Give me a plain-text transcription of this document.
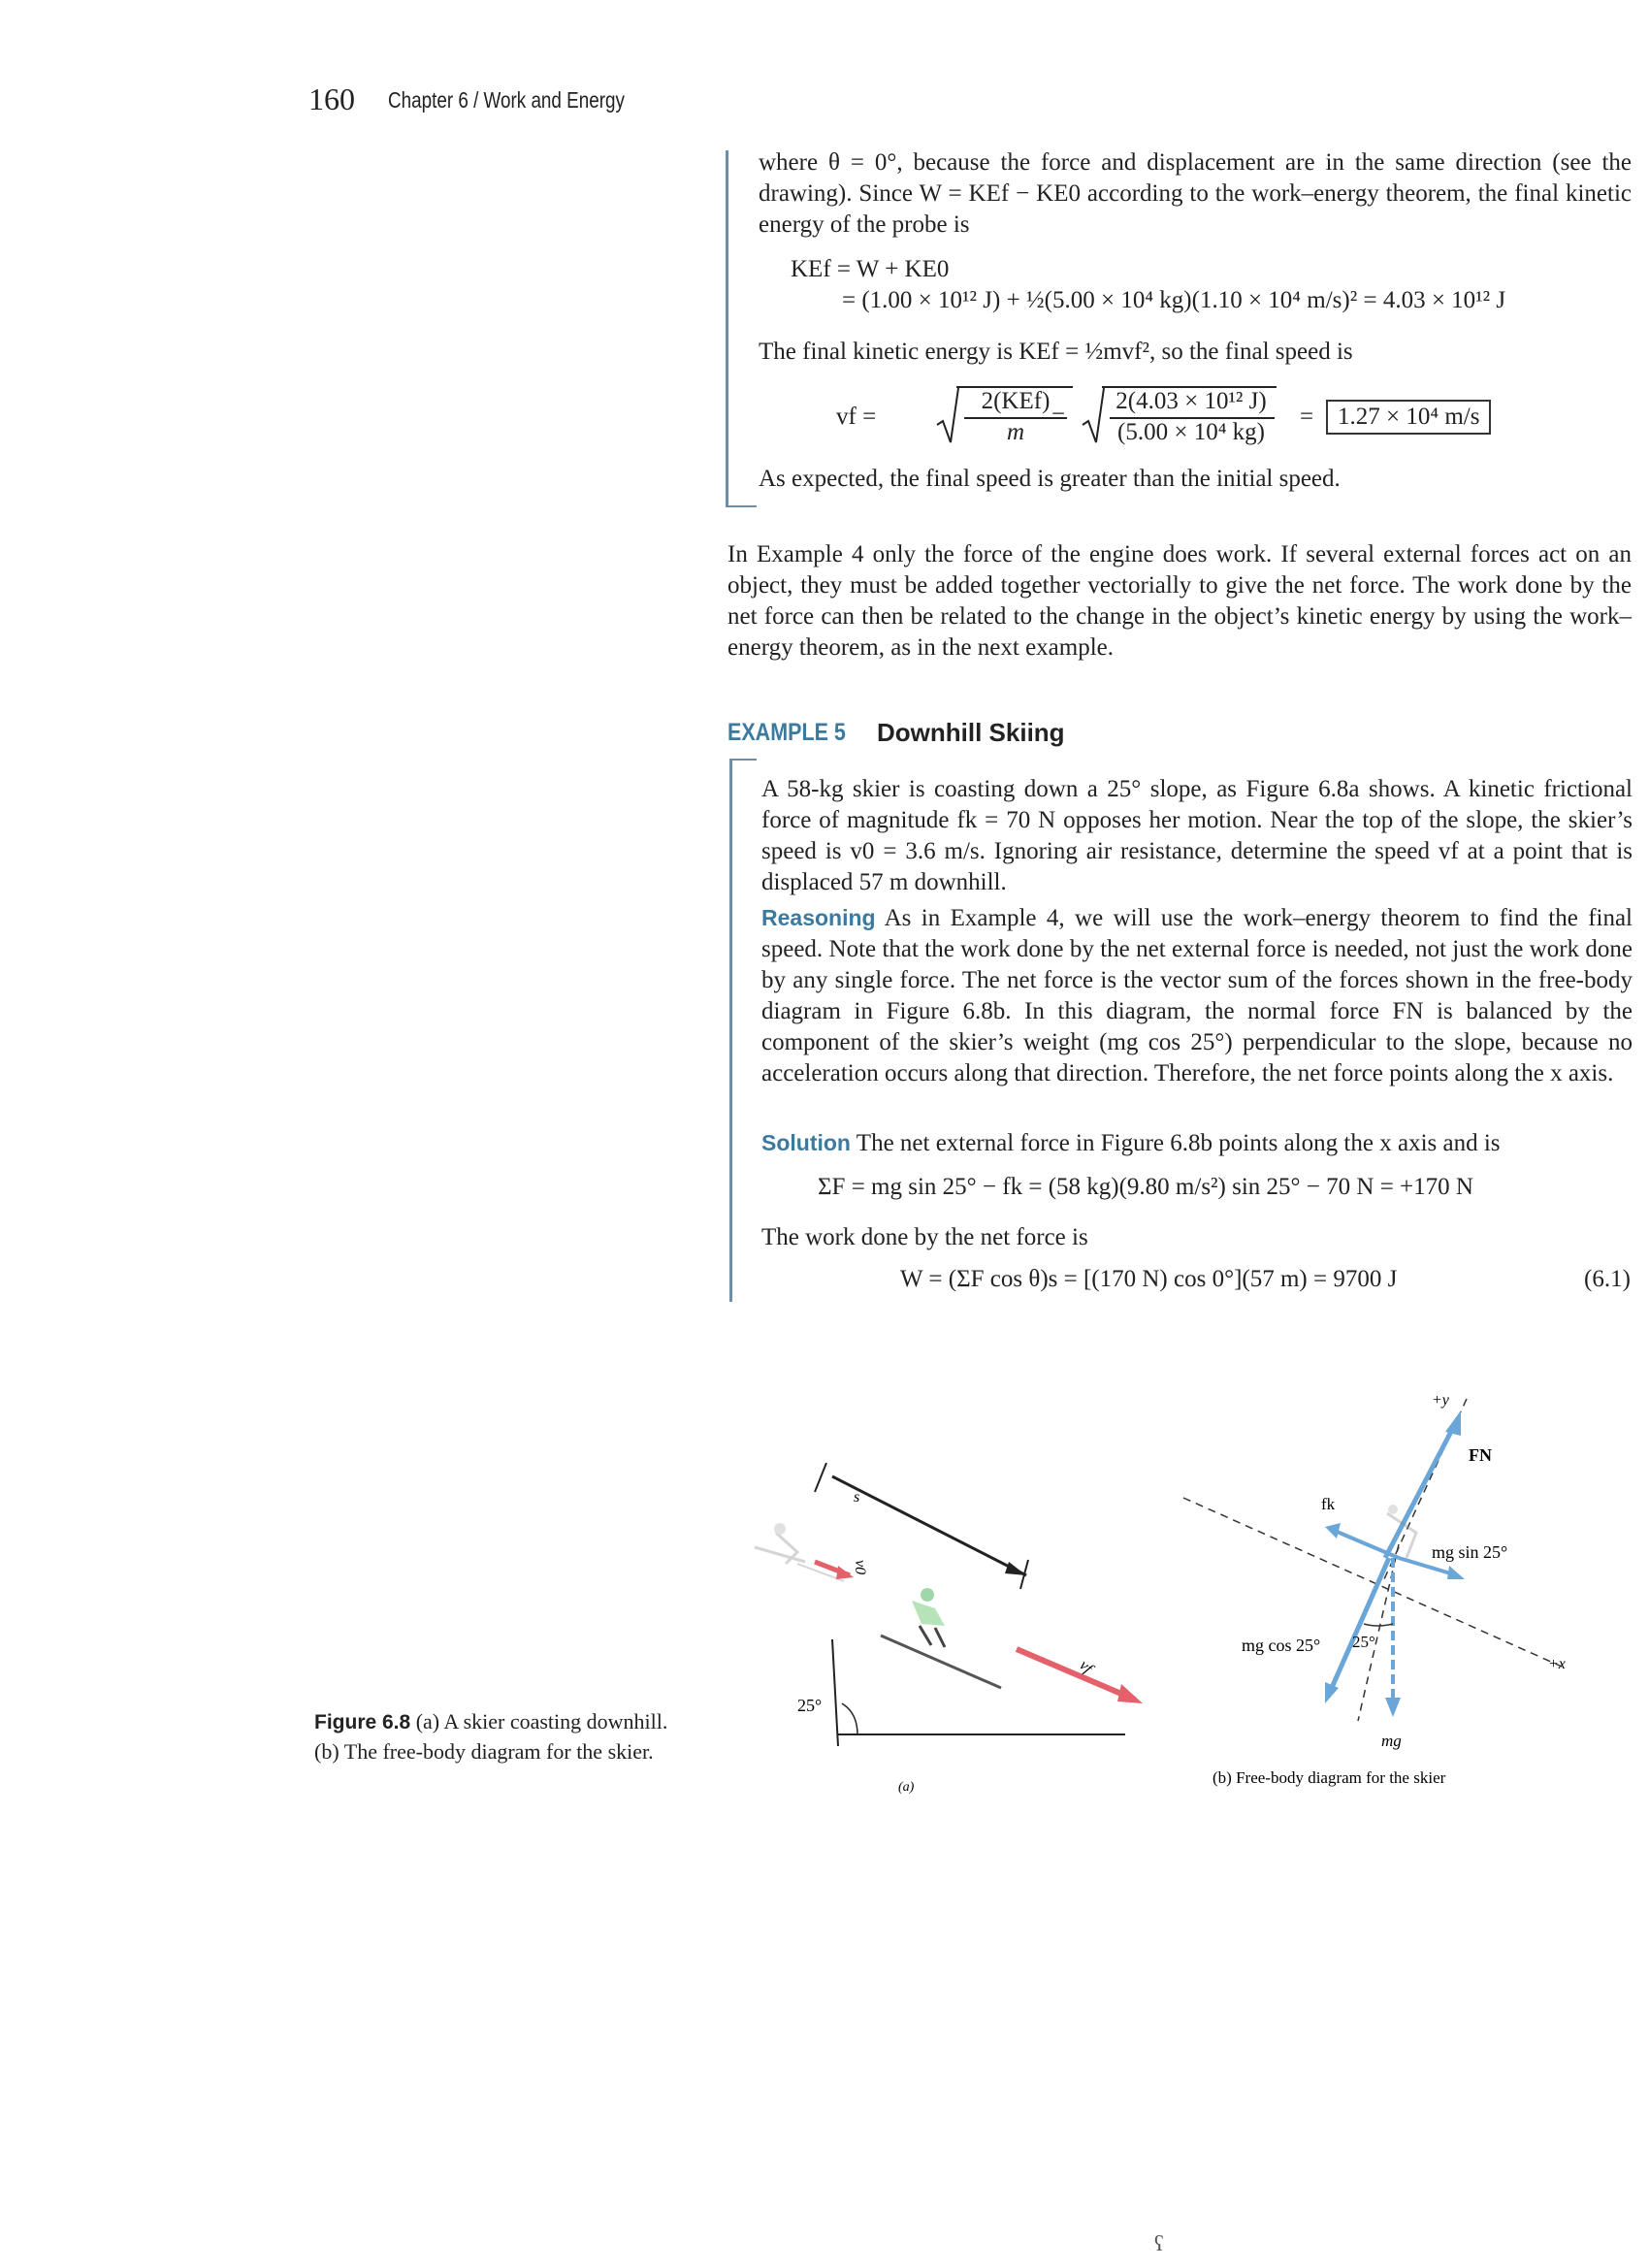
160 Chapter 6 / Work and Energy
where θ = 0°, because the force and displacement are in the same direction (see the drawing). Since W = KEf − KE0 according to the work–energy theorem, the final kinetic energy of the probe is
KEf = W + KE0
= (1.00 × 10¹² J) + ½(5.00 × 10⁴ kg)(1.10 × 10⁴ m/s)² = 4.03 × 10¹² J
The final kinetic energy is KEf = ½mvf², so the final speed is
vf =
2(KEf)
m
=
2(4.03 × 10¹² J)
(5.00 × 10⁴ kg)
= 1.27 × 10⁴ m/s
As expected, the final speed is greater than the initial speed.
In Example 4 only the force of the engine does work. If several external forces act on an object, they must be added together vectorially to give the net force. The work done by the net force can then be related to the change in the object’s kinetic energy by using the work–energy theorem, as in the next example.
EXAMPLE 5 Downhill Skiing
A 58-kg skier is coasting down a 25° slope, as Figure 6.8a shows. A kinetic frictional force of magnitude fk = 70 N opposes her motion. Near the top of the slope, the skier’s speed is v0 = 3.6 m/s. Ignoring air resistance, determine the speed vf at a point that is displaced 57 m downhill.
Reasoning As in Example 4, we will use the work–energy theorem to find the final speed. Note that the work done by the net external force is needed, not just the work done by any single force. The net force is the vector sum of the forces shown in the free-body diagram in Figure 6.8b. In this diagram, the normal force FN is balanced by the component of the skier’s weight (mg cos 25°) perpendicular to the slope, because no acceleration occurs along that direction. Therefore, the net force points along the x axis.
Solution The net external force in Figure 6.8b points along the x axis and is
ΣF = mg sin 25° − fk = (58 kg)(9.80 m/s²) sin 25° − 70 N = +170 N
The work done by the net force is
W = (ΣF cos θ)s = [(170 N) cos 0°](57 m) = 9700 J	(6.1)
s
v0
vf
25°
(a)
+y
+x
FN
fk
mg sin 25°
mg cos 25° 25°
mg
(b) Free-body diagram for the skier
Figure 6.8 (a) A skier coasting downhill. (b) The free-body diagram for the skier.
ʕ
